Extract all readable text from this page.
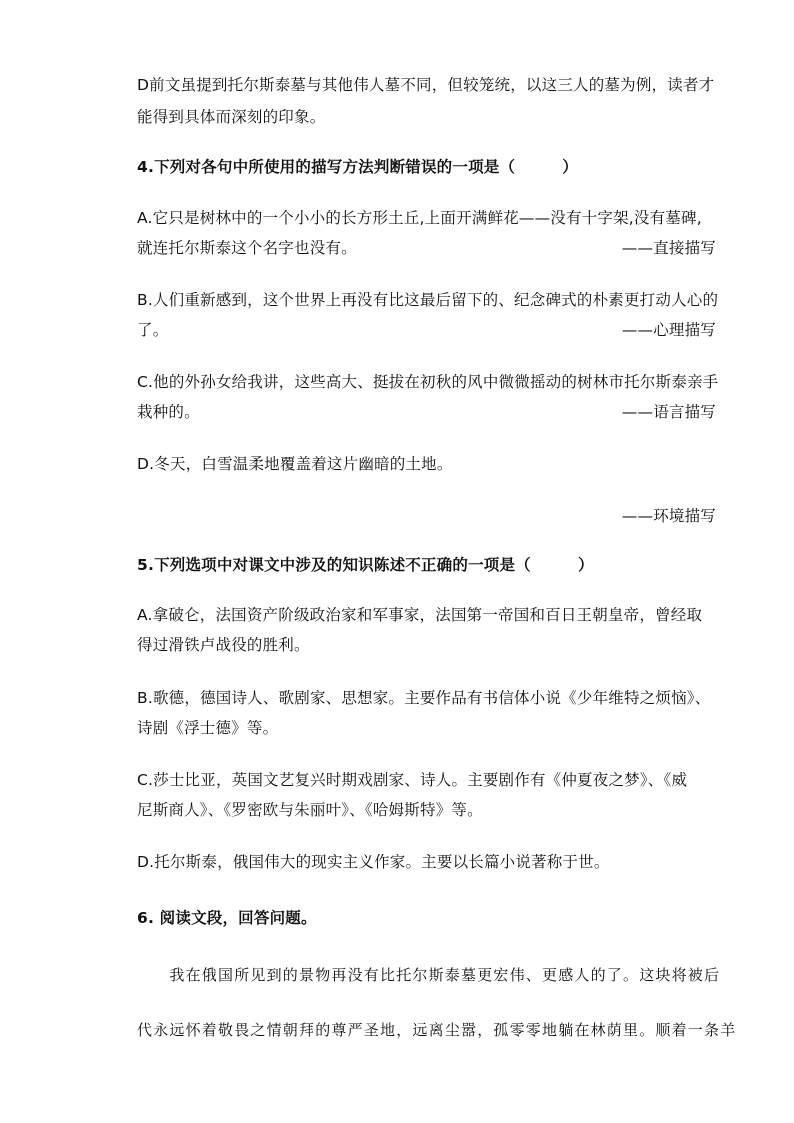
D前文虽提到托尔斯泰墓与其他伟人墓不同，但较笼统，以这三人的墓为例，读者才
能得到具体而深刻的印象。
4.下列对各句中所使用的描写方法判断错误的一项是（　　　）
A.它只是树林中的一个小小的长方形土丘,上面开满鲜花——没有十字架,没有墓碑,
就连托尔斯泰这个名字也没有。	——直接描写
B.人们重新感到，这个世界上再没有比这最后留下的、纪念碑式的朴素更打动人心的
了。	——心理描写
C.他的外孙女给我讲，这些高大、挺拔在初秋的风中微微摇动的树林市托尔斯泰亲手
栽种的。	——语言描写
D.冬天，白雪温柔地覆盖着这片幽暗的土地。
——环境描写
5.下列选项中对课文中涉及的知识陈述不正确的一项是（　　　）
A.拿破仑，法国资产阶级政治家和军事家，法国第一帝国和百日王朝皇帝，曾经取
得过滑铁卢战役的胜利。
B.歌德，德国诗人、歌剧家、思想家。主要作品有书信体小说《少年维特之烦恼》、
诗剧《浮士德》等。
C.莎士比亚，英国文艺复兴时期戏剧家、诗人。主要剧作有《仲夏夜之梦》、《威
尼斯商人》、《罗密欧与朱丽叶》、《哈姆斯特》等。
D.托尔斯泰，俄国伟大的现实主义作家。主要以长篇小说著称于世。
6. 阅读文段，回答问题。
　　我在俄国所见到的景物再没有比托尔斯泰墓更宏伟、更感人的了。这块将被后
代永远怀着敬畏之情朝拜的尊严圣地，远离尘嚣，孤零零地躺在林荫里。顺着一条羊
